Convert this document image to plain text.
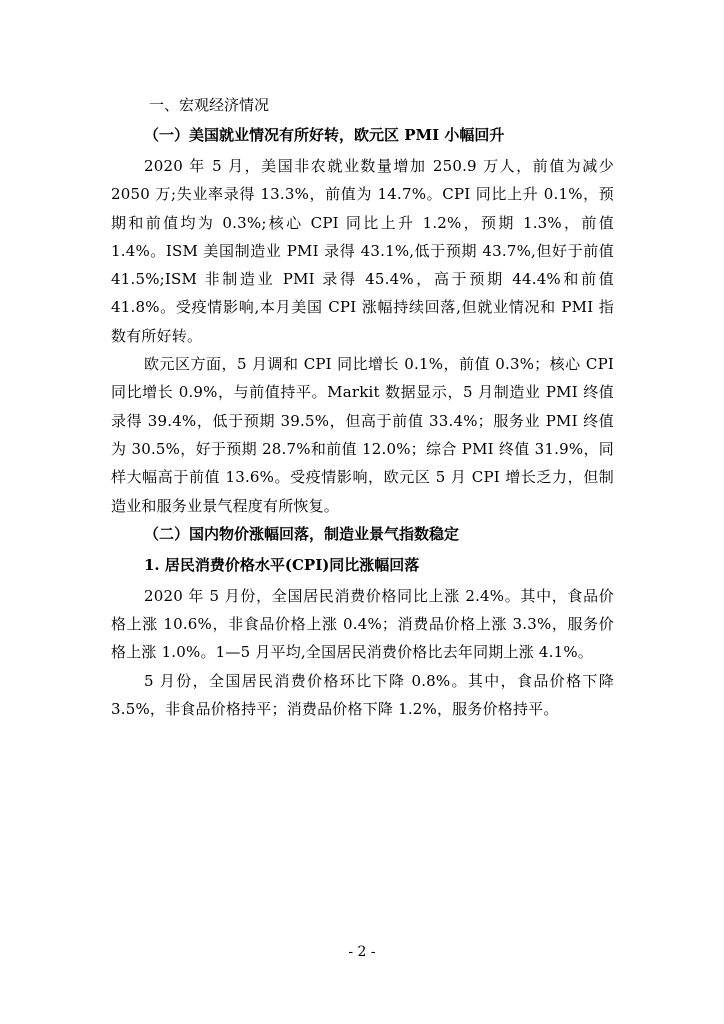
一、宏观经济情况

（一）美国就业情况有所好转，欧元区 PMI 小幅回升

2020 年 5 月，美国非农就业数量增加 250.9 万人，前值为减少 2050 万;失业率录得 13.3%，前值为 14.7%。CPI 同比上升 0.1%，预期和前值均为 0.3%;核心 CPI 同比上升 1.2%，预期 1.3%，前值 1.4%。ISM 美国制造业 PMI 录得 43.1%,低于预期 43.7%,但好于前值 41.5%;ISM 非制造业 PMI 录得 45.4%，高于预期 44.4%和前值 41.8%。受疫情影响,本月美国 CPI 涨幅持续回落,但就业情况和 PMI 指数有所好转。

欧元区方面，5 月调和 CPI 同比增长 0.1%，前值 0.3%；核心 CPI 同比增长 0.9%，与前值持平。Markit 数据显示，5 月制造业 PMI 终值录得 39.4%，低于预期 39.5%，但高于前值 33.4%；服务业 PMI 终值为 30.5%，好于预期 28.7%和前值 12.0%；综合 PMI 终值 31.9%，同样大幅高于前值 13.6%。受疫情影响，欧元区 5 月 CPI 增长乏力，但制造业和服务业景气程度有所恢复。

（二）国内物价涨幅回落，制造业景气指数稳定

1. 居民消费价格水平(CPI)同比涨幅回落

2020 年 5 月份，全国居民消费价格同比上涨 2.4%。其中，食品价格上涨 10.6%，非食品价格上涨 0.4%；消费品价格上涨 3.3%，服务价格上涨 1.0%。1—5 月平均,全国居民消费价格比去年同期上涨 4.1%。

5 月份，全国居民消费价格环比下降 0.8%。其中，食品价格下降 3.5%，非食品价格持平；消费品价格下降 1.2%，服务价格持平。

- 2 -
